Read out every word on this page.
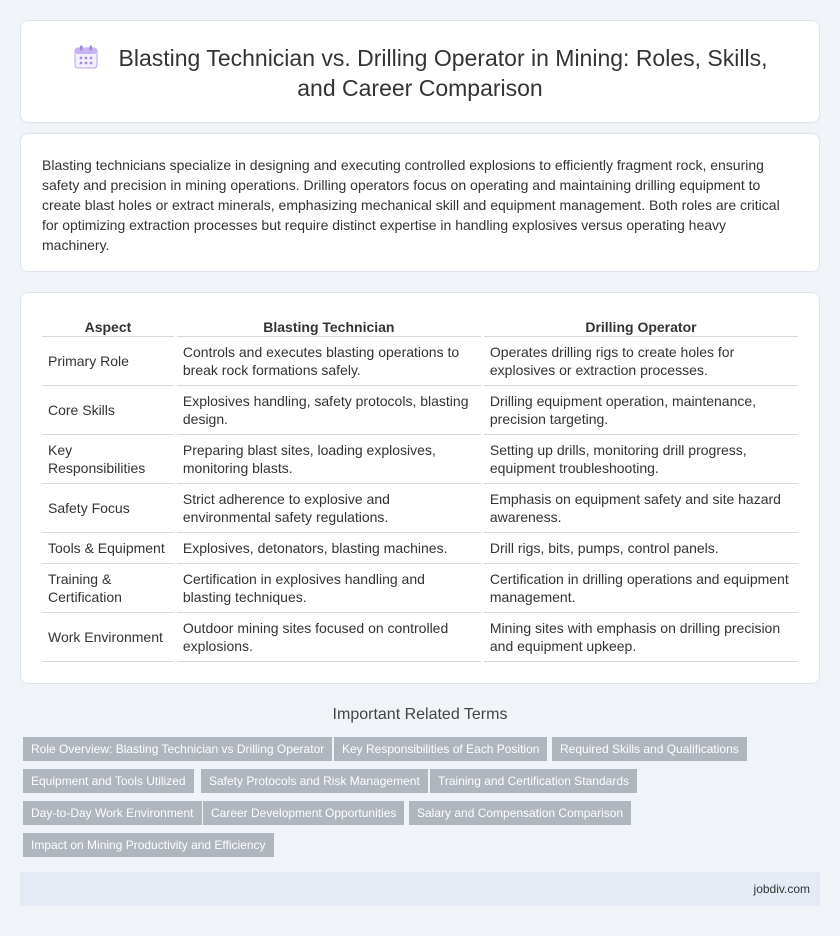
Blasting Technician vs. Drilling Operator in Mining: Roles, Skills,
and Career Comparison

Blasting technicians specialize in designing and executing controlled explosions to efficiently fragment rock, ensuring safety and precision in mining operations. Drilling operators focus on operating and maintaining drilling equipment to create blast holes or extract minerals, emphasizing mechanical skill and equipment management. Both roles are critical for optimizing extraction processes but require distinct expertise in handling explosives versus operating heavy machinery.

Aspect		Blasting Technician		Drilling Operator
Primary Role		Controls and executes blasting operations to break rock formations safely.		Operates drilling rigs to create holes for explosives or extraction processes.
Core Skills		Explosives handling, safety protocols, blasting design.		Drilling equipment operation, maintenance, precision targeting.
Key Responsibilities		Preparing blast sites, loading explosives, monitoring blasts.		Setting up drills, monitoring drill progress, equipment troubleshooting.
Safety Focus		Strict adherence to explosive and environmental safety regulations.		Emphasis on equipment safety and site hazard awareness.
Tools & Equipment		Explosives, detonators, blasting machines.		Drill rigs, bits, pumps, control panels.
Training & Certification		Certification in explosives handling and blasting techniques.		Certification in drilling operations and equipment management.
Work Environment		Outdoor mining sites focused on controlled explosions.		Mining sites with emphasis on drilling precision and equipment upkeep.
Important Related Terms
Role Overview: Blasting Technician vs Drilling Operator	Key Responsibilities of Each Position	Required Skills and Qualifications
Equipment and Tools Utilized	Safety Protocols and Risk Management	Training and Certification Standards
Day-to-Day Work Environment	Career Development Opportunities	Salary and Compensation Comparison
Impact on Mining Productivity and Efficiency
jobdiv.com
